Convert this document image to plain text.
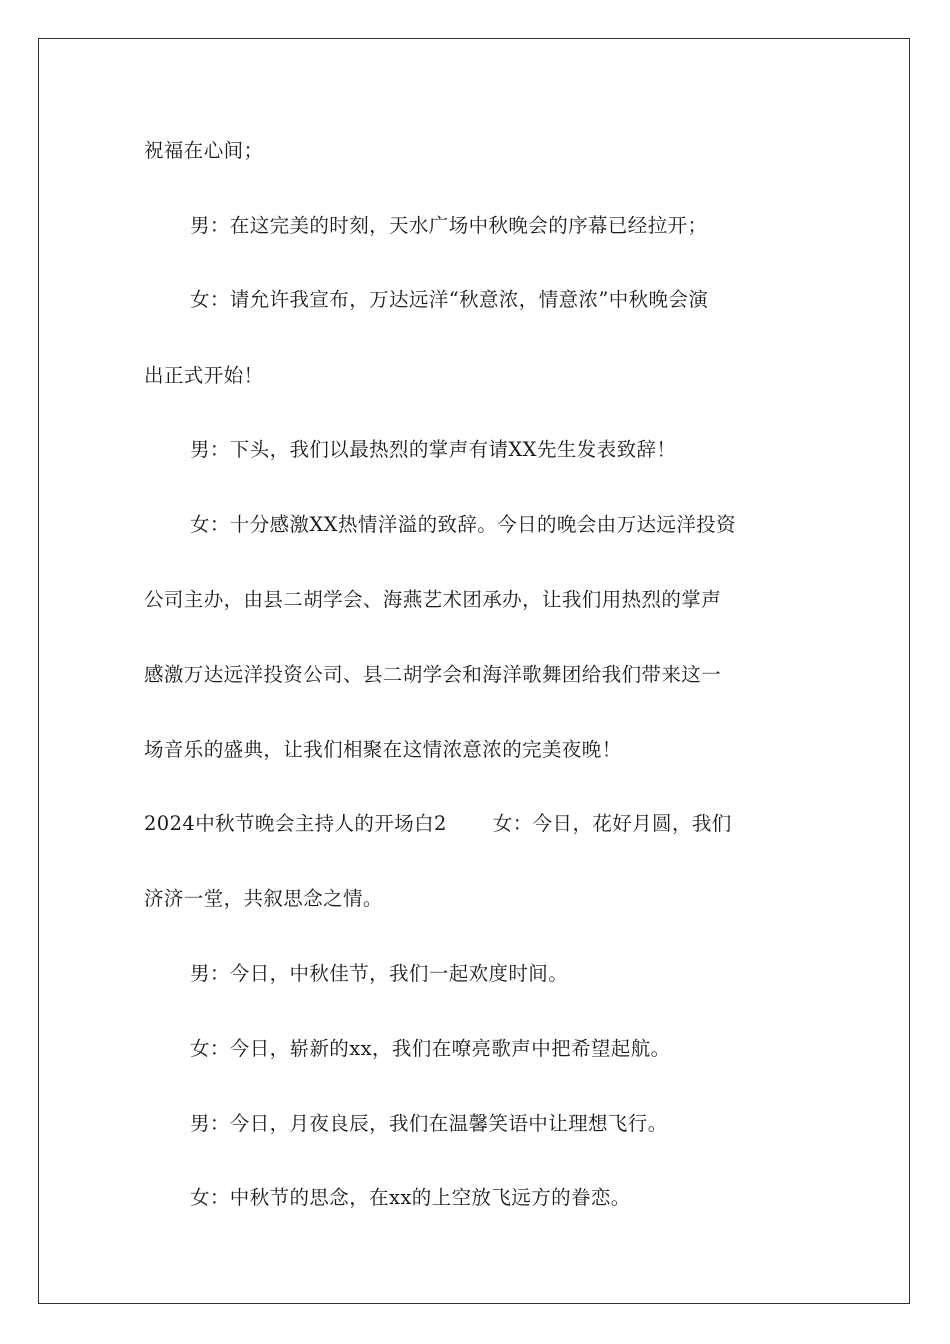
祝福在心间；
男：在这完美的时刻，天水广场中秋晚会的序幕已经拉开；
女：请允许我宣布，万达远洋“秋意浓，情意浓”中秋晚会演
出正式开始！
男：下头，我们以最热烈的掌声有请XX先生发表致辞！
女：十分感激XX热情洋溢的致辞。今日的晚会由万达远洋投资
公司主办，由县二胡学会、海燕艺术团承办，让我们用热烈的掌声
感激万达远洋投资公司、县二胡学会和海洋歌舞团给我们带来这一
场音乐的盛典，让我们相聚在这情浓意浓的完美夜晚！
2024中秋节晚会主持人的开场白2 女：今日，花好月圆，我们
济济一堂，共叙思念之情。
男：今日，中秋佳节，我们一起欢度时间。
女：今日，崭新的xx，我们在嘹亮歌声中把希望起航。
男：今日，月夜良辰，我们在温馨笑语中让理想飞行。
女：中秋节的思念，在xx的上空放飞远方的眷恋。
